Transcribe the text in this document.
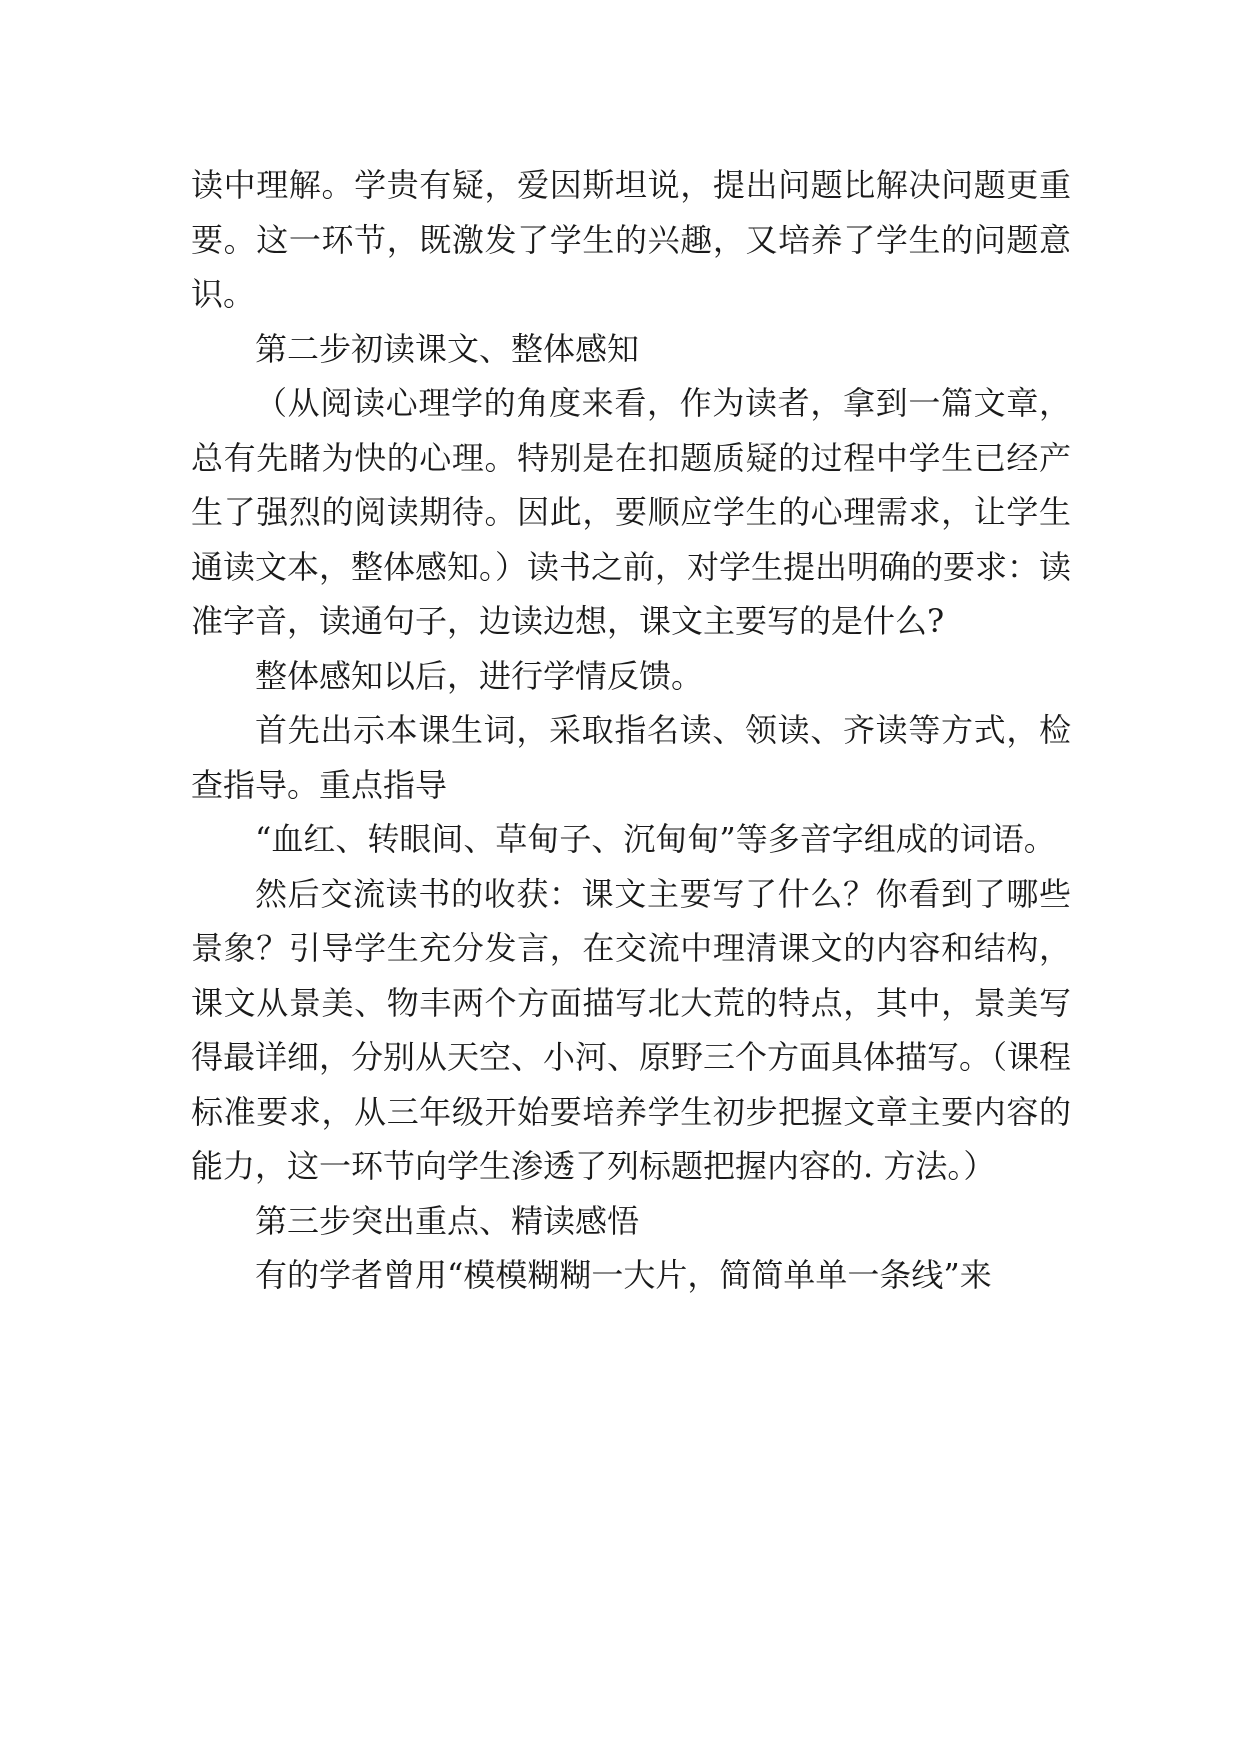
读中理解。学贵有疑，爱因斯坦说，提出问题比解决问题更重要。这一环节，既激发了学生的兴趣，又培养了学生的问题意识。

第二步初读课文、整体感知

（从阅读心理学的角度来看，作为读者，拿到一篇文章，总有先睹为快的心理。特别是在扣题质疑的过程中学生已经产生了强烈的阅读期待。因此，要顺应学生的心理需求，让学生通读文本，整体感知。）读书之前，对学生提出明确的要求：读准字音，读通句子，边读边想，课文主要写的是什么?

整体感知以后，进行学情反馈。

首先出示本课生词，采取指名读、领读、齐读等方式，检查指导。重点指导

“血红、转眼间、草甸子、沉甸甸”等多音字组成的词语。

然后交流读书的收获：课文主要写了什么？你看到了哪些景象？引导学生充分发言，在交流中理清课文的内容和结构，课文从景美、物丰两个方面描写北大荒的特点，其中，景美写得最详细，分别从天空、小河、原野三个方面具体描写。（课程标准要求，从三年级开始要培养学生初步把握文章主要内容的能力，这一环节向学生渗透了列标题把握内容的. 方法。）

第三步突出重点、精读感悟

有的学者曾用“模模糊糊一大片，简简单单一条线”来
